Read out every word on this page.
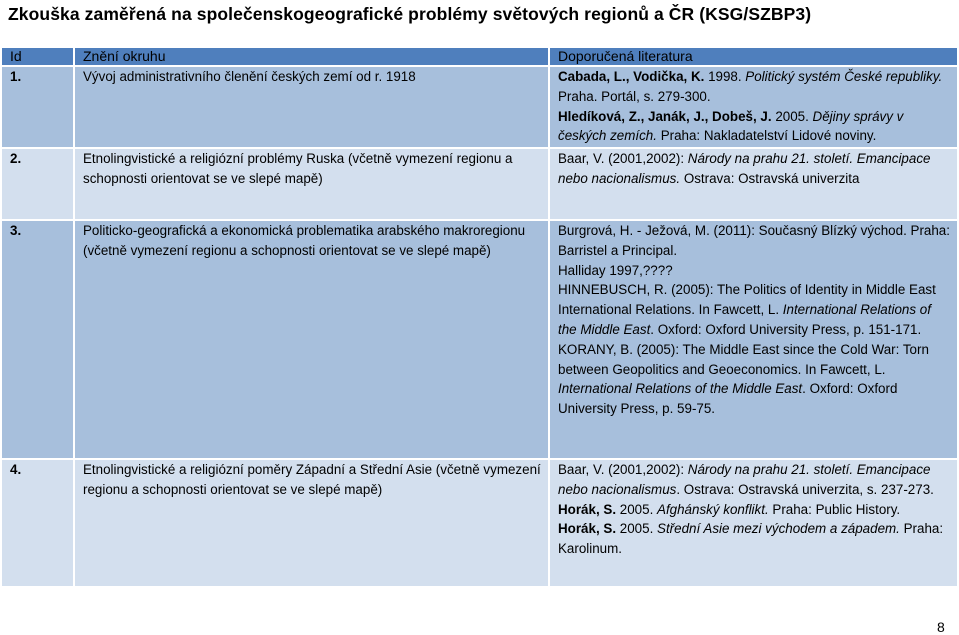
Zkouška zaměřená na společenskogeografické problémy světových regionů a ČR (KSG/SZBP3)
Id	Znění okruhu	Doporučená literatura

1.	Vývoj administrativního členění českých zemí od r. 1918	Cabada, L., Vodička, K. 1998. Politický systém České republiky. Praha. Portál, s. 279-300.

Hledíková, Z., Janák, J., Dobeš, J. 2005. Dějiny správy v českých zemích. Praha: Nakladatelství Lidové noviny.

2.	Etnolingvistické a religiózní problémy Ruska (včetně vymezení regionu a schopnosti orientovat se ve slepé mapě)	Baar, V. (2001,2002): Národy na prahu 21. století. Emancipace nebo nacionalismus. Ostrava: Ostravská univerzita

3.	Politicko-geografická a ekonomická problematika arabského makroregionu (včetně vymezení regionu a schopnosti orientovat se ve slepé mapě)	Burgrová, H. - Ježová, M. (2011): Současný Blízký východ. Praha: Barristel a Principal.

Halliday 1997,????

HINNEBUSCH, R. (2005): The Politics of Identity in Middle East International Relations. In Fawcett, L. International Relations of the Middle East. Oxford: Oxford University Press, p. 151-171.

KORANY, B. (2005): The Middle East since the Cold War: Torn between Geopolitics and Geoeconomics. In Fawcett, L. International Relations of the Middle East. Oxford: Oxford University Press, p. 59-75.

4.	Etnolingvistické a religiózní poměry Západní a Střední Asie (včetně vymezení regionu a schopnosti orientovat se ve slepé mapě)	Baar, V. (2001,2002): Národy na prahu 21. století. Emancipace nebo nacionalismus. Ostrava: Ostravská univerzita, s. 237-273.

Horák, S. 2005. Afghánský konflikt. Praha: Public History.

Horák, S. 2005. Střední Asie mezi východem a západem. Praha: Karolinum.

8
